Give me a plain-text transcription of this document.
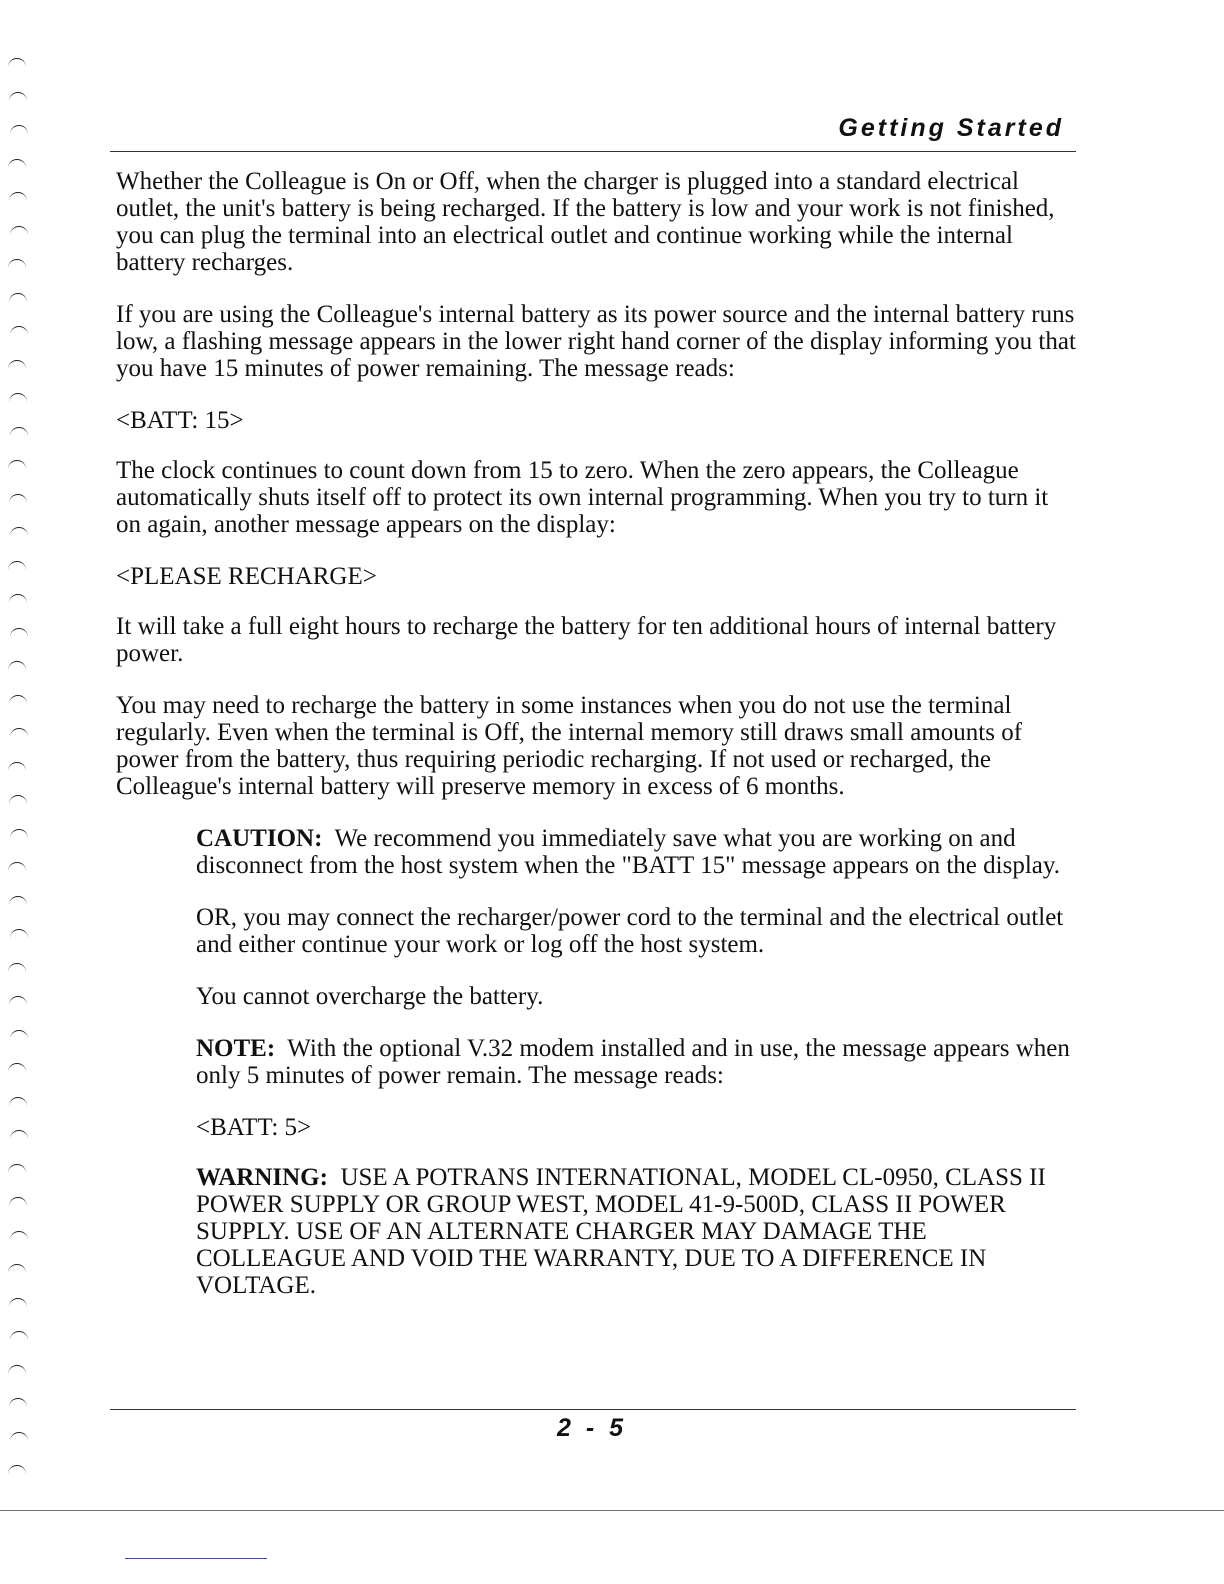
Getting Started

Whether the Colleague is On or Off, when the charger is plugged into a standard electrical outlet, the unit's battery is being recharged. If the battery is low and your work is not finished, you can plug the terminal into an electrical outlet and continue working while the internal battery recharges.

If you are using the Colleague's internal battery as its power source and the internal battery runs low, a flashing message appears in the lower right hand corner of the display informing you that you have 15 minutes of power remaining. The message reads:

<BATT: 15>

The clock continues to count down from 15 to zero. When the zero appears, the Colleague automatically shuts itself off to protect its own internal programming. When you try to turn it on again, another message appears on the display:

<PLEASE RECHARGE>

It will take a full eight hours to recharge the battery for ten additional hours of internal battery power.

You may need to recharge the battery in some instances when you do not use the terminal regularly. Even when the terminal is Off, the internal memory still draws small amounts of power from the battery, thus requiring periodic recharging. If not used or recharged, the Colleague's internal battery will preserve memory in excess of 6 months.

CAUTION: We recommend you immediately save what you are working on and disconnect from the host system when the "BATT 15" message appears on the display.

OR, you may connect the recharger/power cord to the terminal and the electrical outlet and either continue your work or log off the host system.

You cannot overcharge the battery.

NOTE: With the optional V.32 modem installed and in use, the message appears when only 5 minutes of power remain. The message reads:

<BATT: 5>

WARNING: USE A POTRANS INTERNATIONAL, MODEL CL-0950, CLASS II POWER SUPPLY OR GROUP WEST, MODEL 41-9-500D, CLASS II POWER SUPPLY. USE OF AN ALTERNATE CHARGER MAY DAMAGE THE COLLEAGUE AND VOID THE WARRANTY, DUE TO A DIFFERENCE IN VOLTAGE.

2 - 5
